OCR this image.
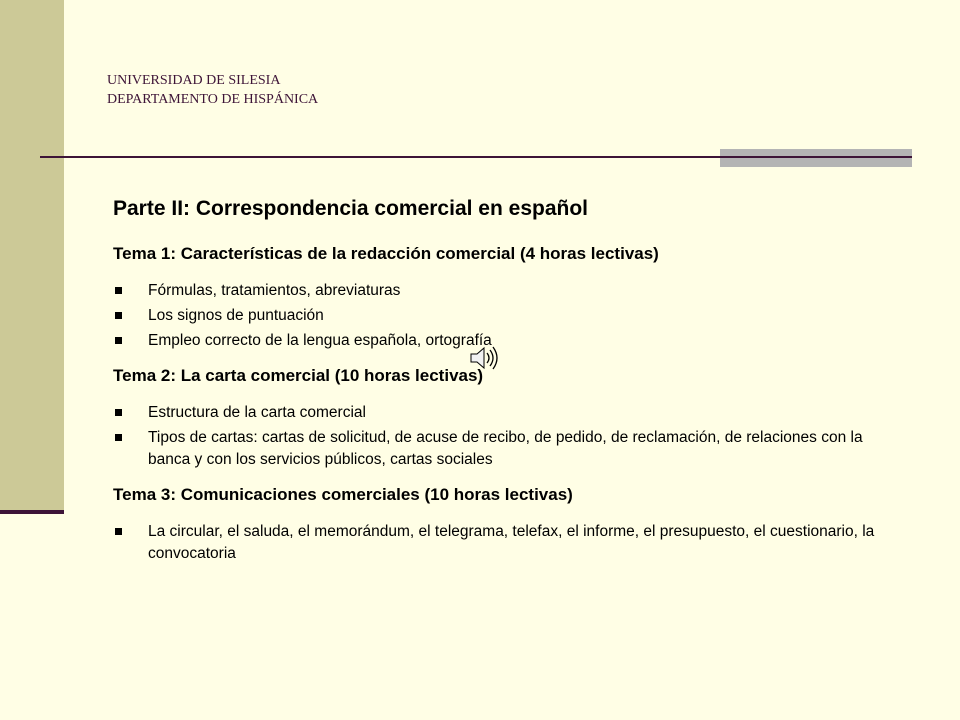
UNIVERSIDAD DE SILESIA
DEPARTAMENTO DE HISPÁNICA
Parte II: Correspondencia comercial en español
Tema 1: Características de la redacción comercial (4 horas lectivas)
Fórmulas, tratamientos, abreviaturas
Los signos de puntuación
Empleo correcto de la lengua española, ortografía
Tema 2: La carta comercial (10 horas lectivas)
Estructura de la carta comercial
Tipos de cartas: cartas de solicitud, de acuse de recibo, de pedido, de reclamación, de relaciones con la banca y con los servicios públicos, cartas sociales
Tema 3: Comunicaciones comerciales (10 horas lectivas)
La circular, el saluda, el memorándum, el telegrama, telefax, el informe, el presupuesto, el cuestionario, la convocatoria
